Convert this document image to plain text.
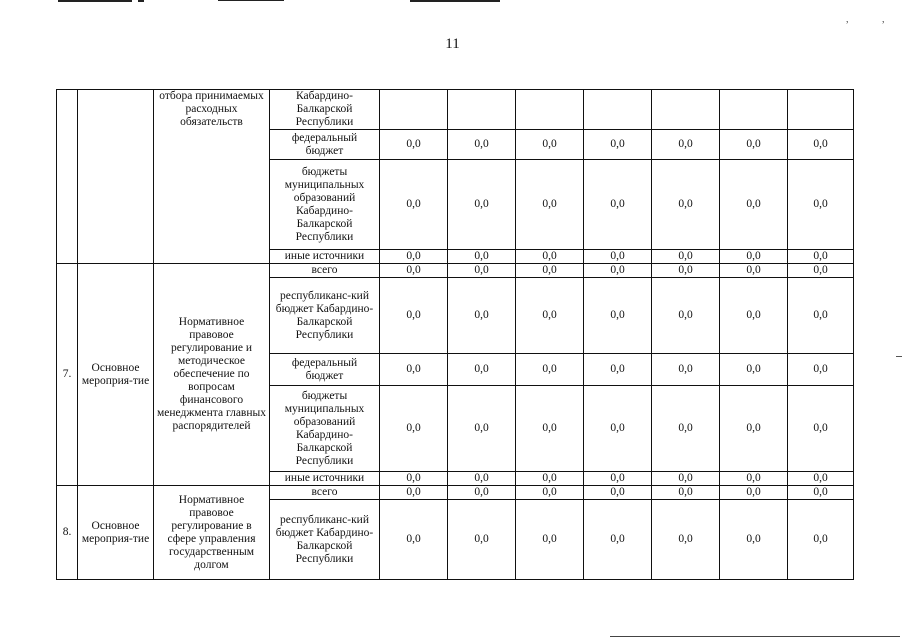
,	,
11
		отбора принимаемых расходных обязательств	Кабардино-Балкарской Республики							
			федеральный бюджет	0,0	0,0	0,0	0,0	0,0	0,0	0,0
			бюджеты муниципальных образований Кабардино-Балкарской Республики	0,0	0,0	0,0	0,0	0,0	0,0	0,0
			иные источники	0,0	0,0	0,0	0,0	0,0	0,0	0,0
7.	Основное мероприя-тие	Нормативное правовое регулирование и методическое обеспечение по вопросам финансового менеджмента главных распорядителей	всего	0,0	0,0	0,0	0,0	0,0	0,0	0,0
			республиканс-кий бюджет Кабардино-Балкарской Республики	0,0	0,0	0,0	0,0	0,0	0,0	0,0
			федеральный бюджет	0,0	0,0	0,0	0,0	0,0	0,0	0,0
			бюджеты муниципальных образований Кабардино-Балкарской Республики	0,0	0,0	0,0	0,0	0,0	0,0	0,0
			иные источники	0,0	0,0	0,0	0,0	0,0	0,0	0,0
8.	Основное мероприя-тие	Нормативное правовое регулирование в сфере управления государственным долгом	всего	0,0	0,0	0,0	0,0	0,0	0,0	0,0
			республиканс-кий бюджет Кабардино-Балкарской Республики	0,0	0,0	0,0	0,0	0,0	0,0	0,0
